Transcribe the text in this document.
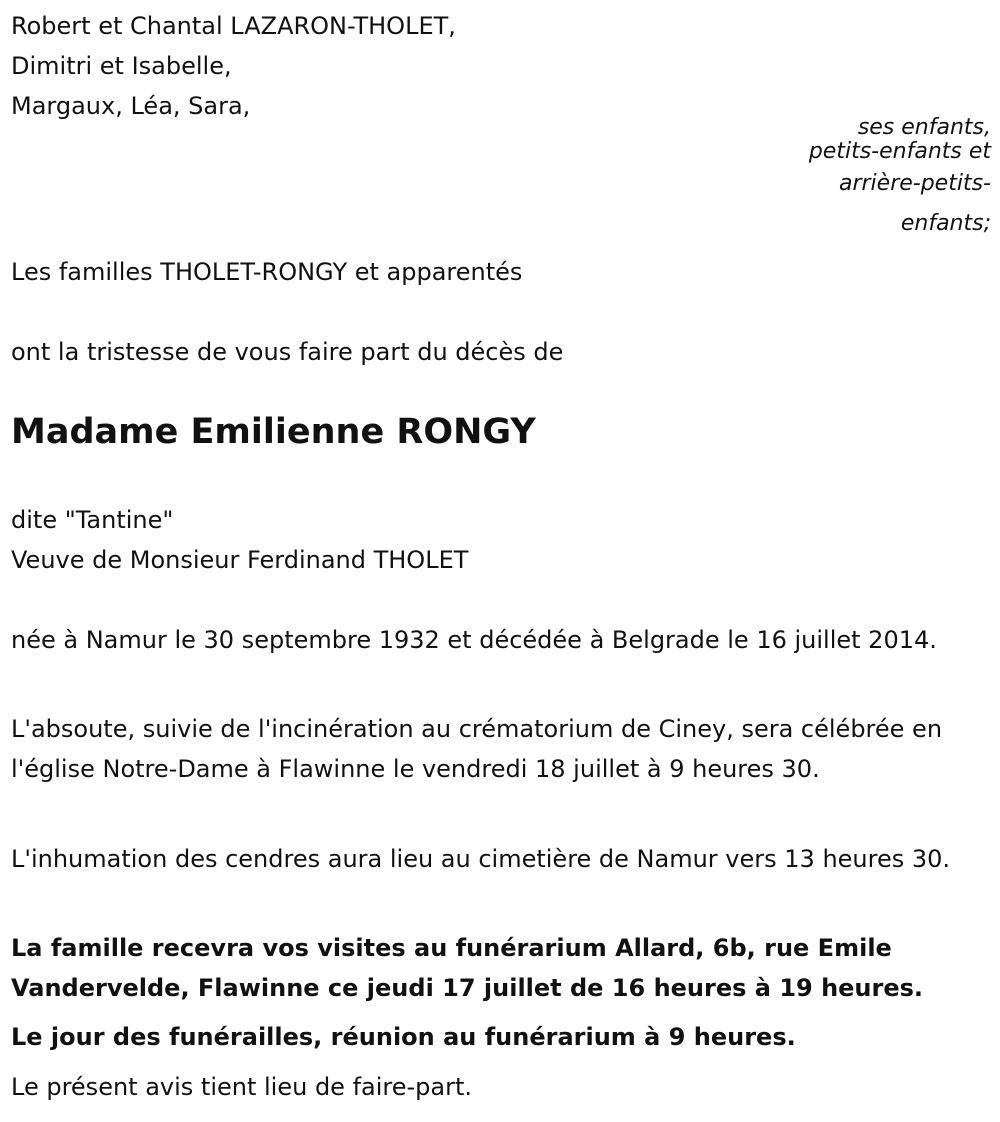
Robert et Chantal LAZARON-THOLET,
Dimitri et Isabelle,
Margaux, Léa, Sara,
ses enfants,
petits-enfants et
arrière-petits-
enfants;
Les familles THOLET-RONGY et apparentés
ont la tristesse de vous faire part du décès de
Madame Emilienne RONGY
dite "Tantine"
Veuve de Monsieur Ferdinand THOLET
née à Namur le 30 septembre 1932 et décédée à Belgrade le 16 juillet 2014.
L'absoute, suivie de l'incinération au crématorium de Ciney, sera célébrée en l'église Notre-Dame à Flawinne le vendredi 18 juillet à 9 heures 30.
L'inhumation des cendres aura lieu au cimetière de Namur vers 13 heures 30.
La famille recevra vos visites au funérarium Allard, 6b, rue Emile Vandervelde, Flawinne ce jeudi 17 juillet de 16 heures à 19 heures.
Le jour des funérailles, réunion au funérarium à 9 heures.
Le présent avis tient lieu de faire-part.
